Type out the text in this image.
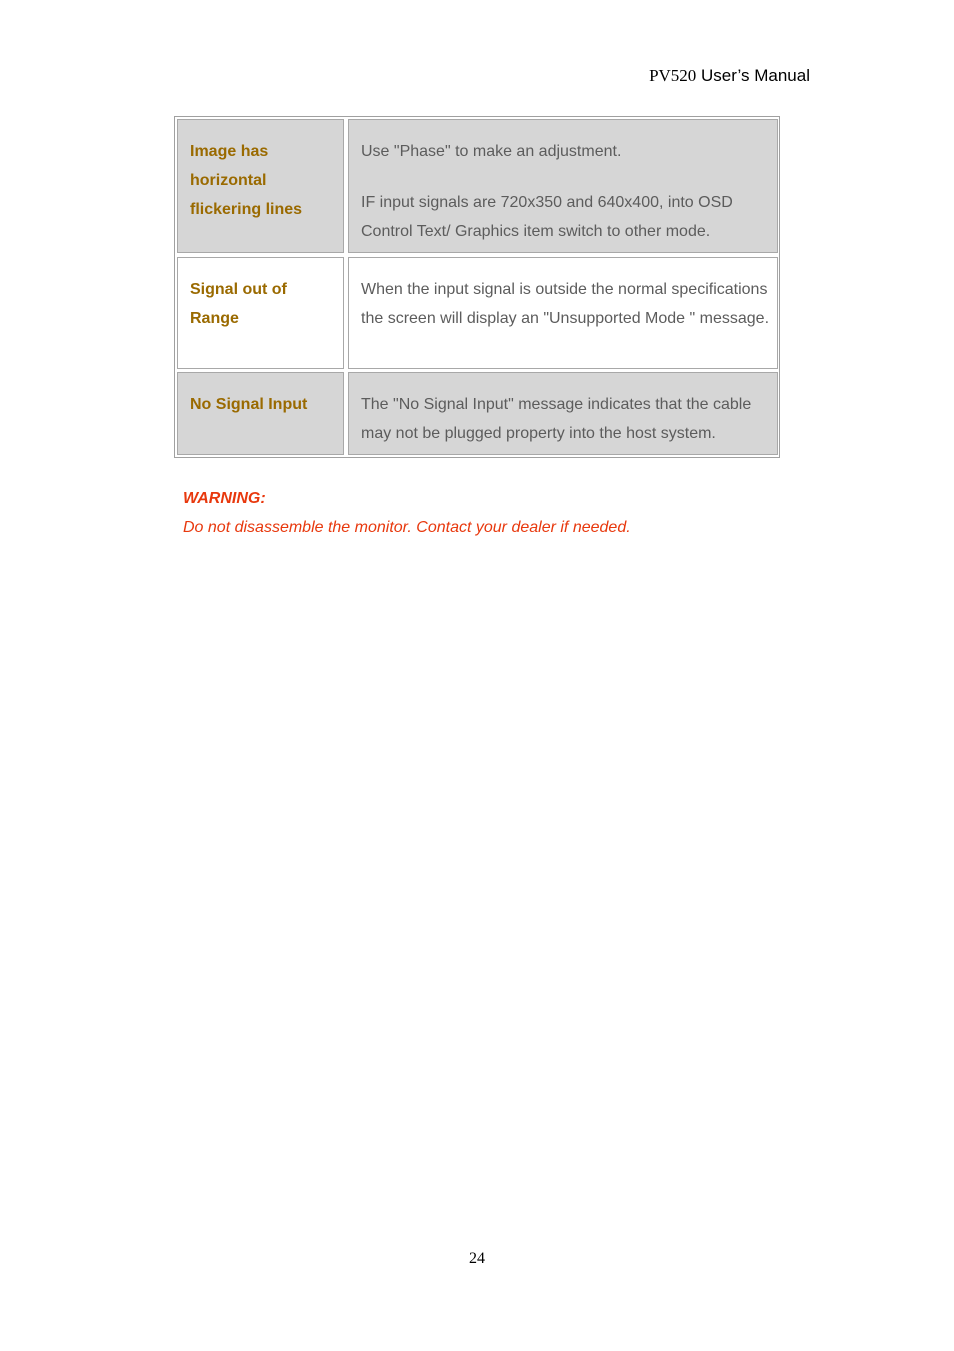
PV520 User’s Manual
Image has
horizontal
flickering lines

Use "Phase" to make an adjustment.

IF input signals are 720x350 and 640x400, into OSD Control Text/ Graphics item switch to other mode.

Signal out of
Range

When the input signal is outside the normal specifications the screen will display an "Unsupported Mode " message.

No Signal Input	The "No Signal Input" message indicates that the cable may not be plugged property into the host system.

WARNING:
Do not disassemble the monitor. Contact your dealer if needed.
24
